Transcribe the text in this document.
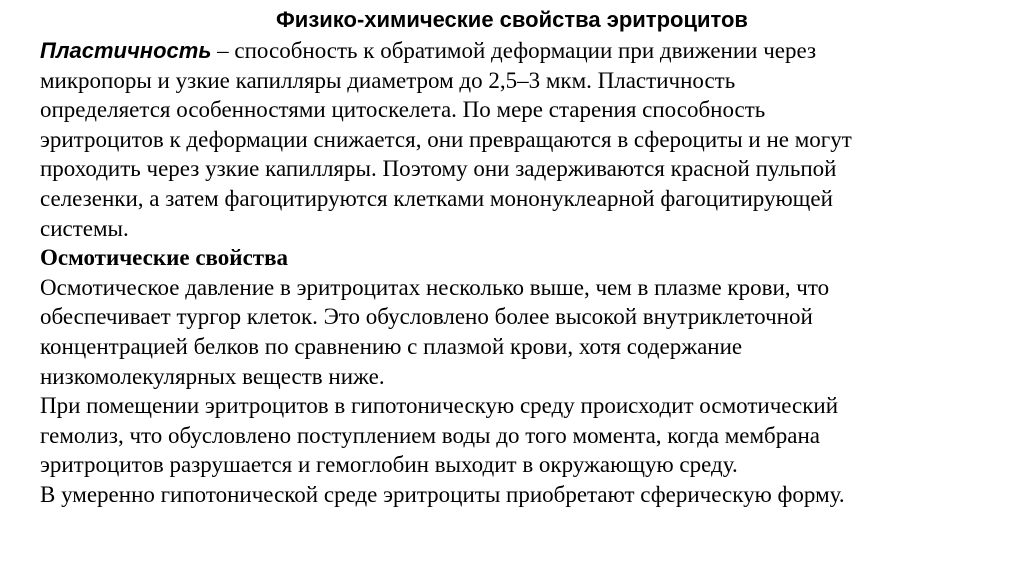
Физико-химические свойства эритроцитов
Пластичность – способность к обратимой деформации при движении через
микропоры и узкие капилляры диаметром до 2,5–3 мкм. Пластичность
определяется особенностями цитоскелета. По мере старения способность
эритроцитов к деформации снижается, они превращаются в сфероциты и не могут
проходить через узкие капилляры. Поэтому они задерживаются красной пульпой
селезенки, а затем фагоцитируются клетками мононуклеарной фагоцитирующей
системы.
Осмотические свойства
Осмотическое давление в эритроцитах несколько выше, чем в плазме крови, что
обеспечивает тургор клеток. Это обусловлено более высокой внутриклеточной
концентрацией белков по сравнению с плазмой крови, хотя содержание
низкомолекулярных веществ ниже.
При помещении эритроцитов в гипотоническую среду происходит осмотический
гемолиз, что обусловлено поступлением воды до того момента, когда мембрана
эритроцитов разрушается и гемоглобин выходит в окружающую среду.
В умеренно гипотонической среде эритроциты приобретают сферическую форму.
